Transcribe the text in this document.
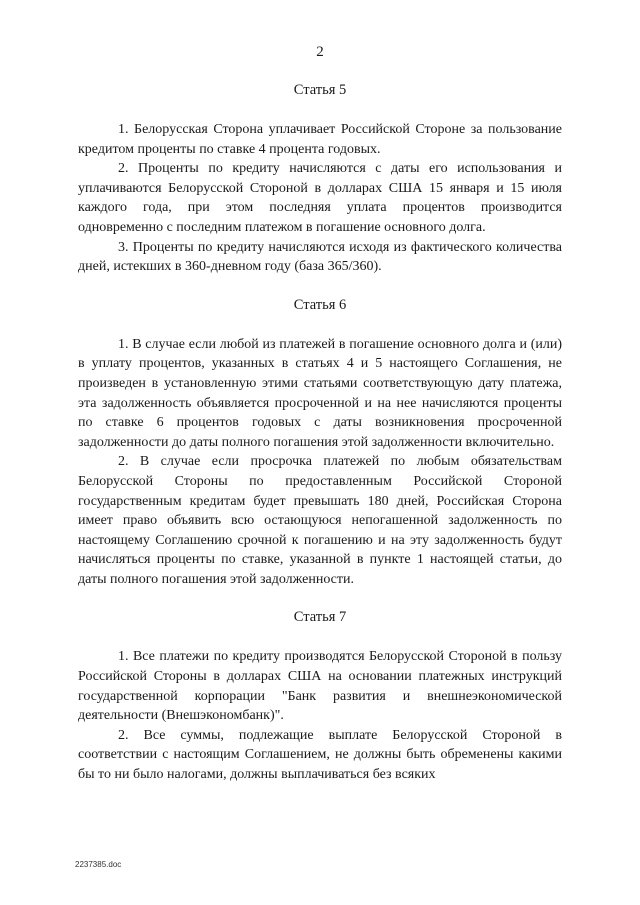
2
Статья 5

1. Белорусская Сторона уплачивает Российской Стороне за пользование кредитом проценты по ставке 4 процента годовых.

2. Проценты по кредиту начисляются с даты его использования и уплачиваются Белорусской Стороной в долларах США 15 января и 15 июля каждого года, при этом последняя уплата процентов производится одновременно с последним платежом в погашение основного долга.

3. Проценты по кредиту начисляются исходя из фактического количества дней, истекших в 360-дневном году (база 365/360).

Статья 6

1. В случае если любой из платежей в погашение основного долга и (или) в уплату процентов, указанных в статьях 4 и 5 настоящего Соглашения, не произведен в установленную этими статьями соответствующую дату платежа, эта задолженность объявляется просроченной и на нее начисляются проценты по ставке 6 процентов годовых с даты возникновения просроченной задолженности до даты полного погашения этой задолженности включительно.

2. В случае если просрочка платежей по любым обязательствам Белорусской Стороны по предоставленным Российской Стороной государственным кредитам будет превышать 180 дней, Российская Сторона имеет право объявить всю остающуюся непогашенной задолженность по настоящему Соглашению срочной к погашению и на эту задолженность будут начисляться проценты по ставке, указанной в пункте 1 настоящей статьи, до даты полного погашения этой задолженности.

Статья 7

1. Все платежи по кредиту производятся Белорусской Стороной в пользу Российской Стороны в долларах США на основании платежных инструкций государственной корпорации "Банк развития и внешнеэкономической деятельности (Внешэкономбанк)".

2. Все суммы, подлежащие выплате Белорусской Стороной в соответствии с настоящим Соглашением, не должны быть обременены какими бы то ни было налогами, должны выплачиваться без всяких

2237385.doc
